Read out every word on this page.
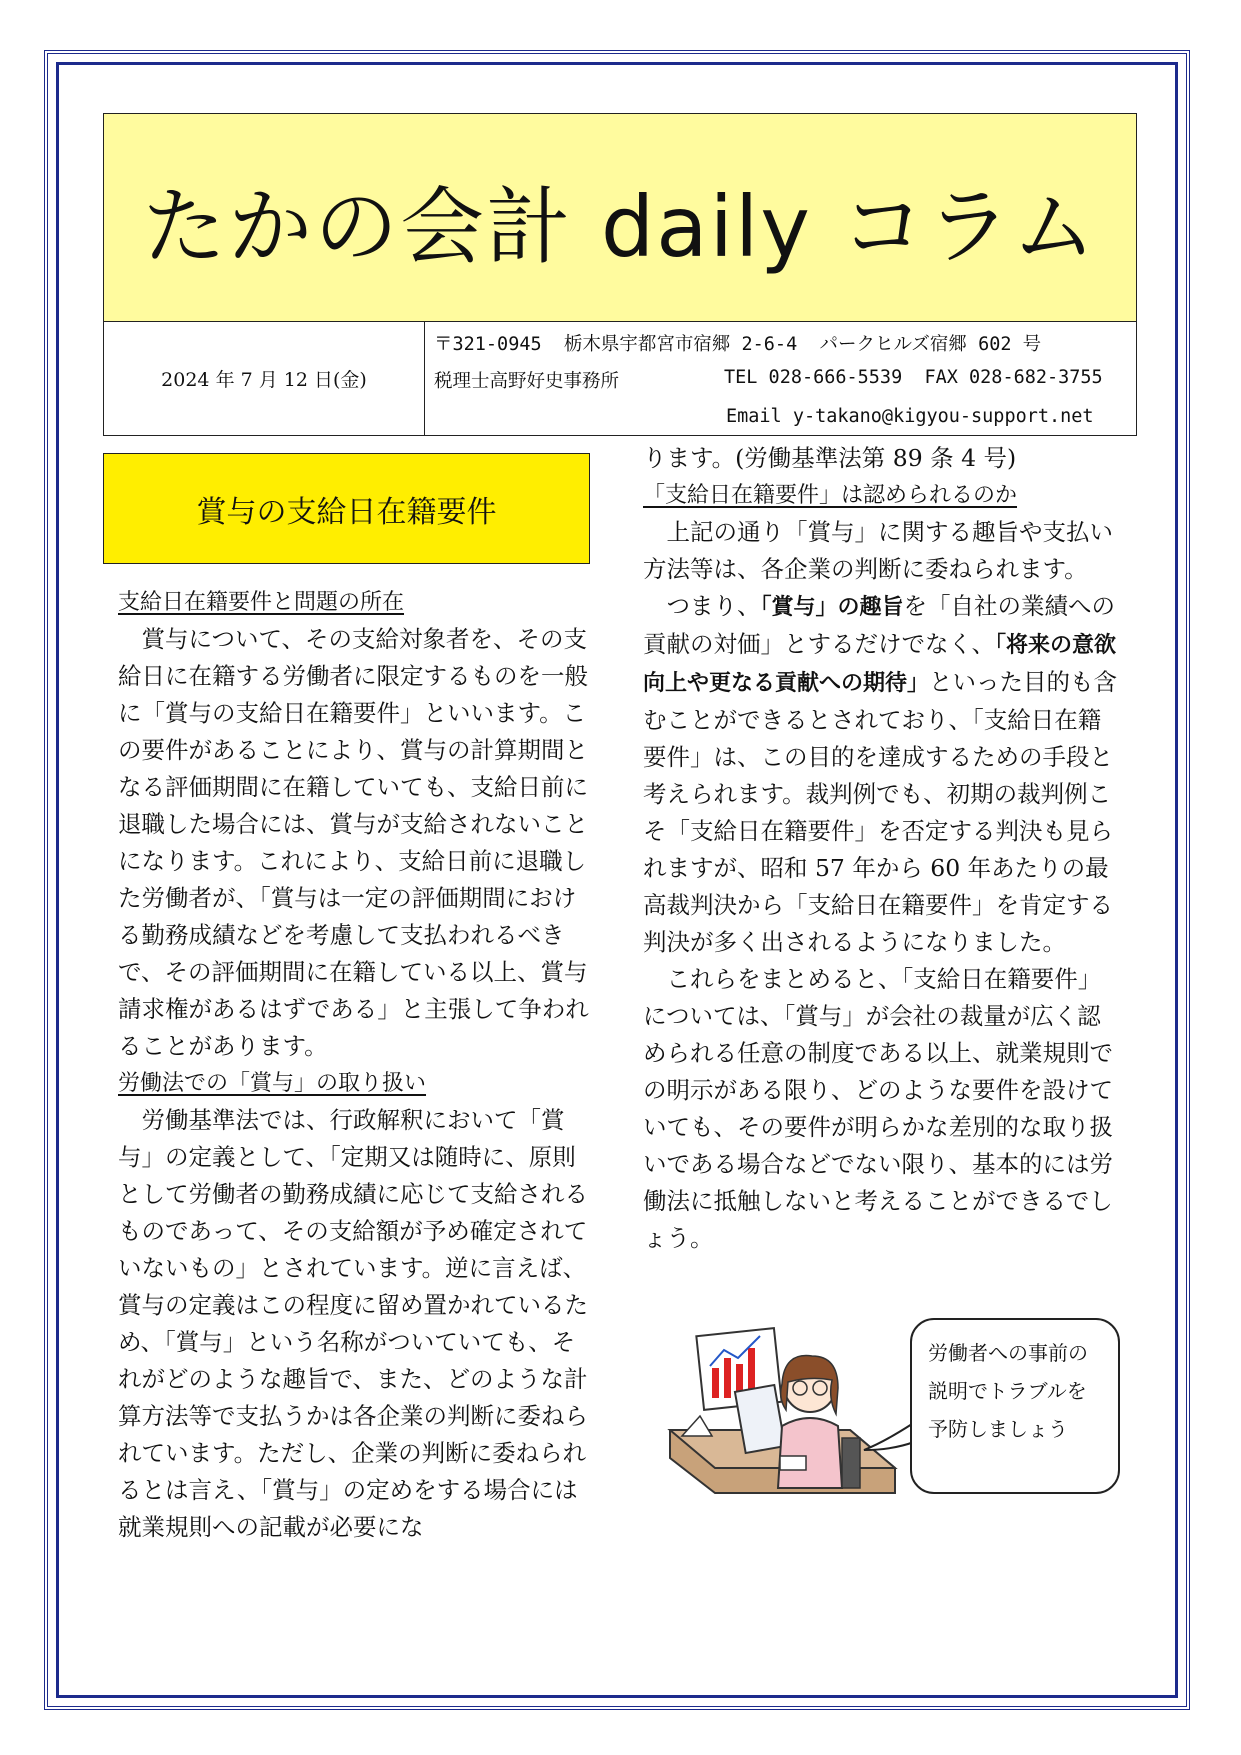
たかの会計 daily コラム
2024 年 7 月 12 日(金)
〒321-0945  栃木県宇都宮市宿郷 2-6-4  パークヒルズ宿郷 602 号
税理士高野好史事務所	TEL 028-666-5539  FAX 028-682-3755
Email y-takano@kigyou-support.net
賞与の支給日在籍要件

支給日在籍要件と問題の所在

　賞与について、その支給対象者を、その支給日に在籍する労働者に限定するものを一般に「賞与の支給日在籍要件」といいます。この要件があることにより、賞与の計算期間となる評価期間に在籍していても、支給日前に退職した場合には、賞与が支給されないことになります。これにより、支給日前に退職した労働者が、「賞与は一定の評価期間における勤務成績などを考慮して支払われるべきで、その評価期間に在籍している以上、賞与請求権があるはずである」と主張して争われることがあります。

労働法での「賞与」の取り扱い

　労働基準法では、行政解釈において「賞与」の定義として、「定期又は随時に、原則として労働者の勤務成績に応じて支給されるものであって、その支給額が予め確定されていないもの」とされています。逆に言えば、賞与の定義はこの程度に留め置かれているため、「賞与」という名称がついていても、それがどのような趣旨で、また、どのような計算方法等で支払うかは各企業の判断に委ねられています。ただし、企業の判断に委ねられるとは言え、「賞与」の定めをする場合には就業規則への記載が必要にな

ります。(労働基準法第 89 条 4 号)

「支給日在籍要件」は認められるのか

　上記の通り「賞与」に関する趣旨や支払い方法等は、各企業の判断に委ねられます。

　つまり、「賞与」の趣旨を「自社の業績への貢献の対価」とするだけでなく、「将来の意欲向上や更なる貢献への期待」といった目的も含むことができるとされており、「支給日在籍要件」は、この目的を達成するための手段と考えられます。裁判例でも、初期の裁判例こそ「支給日在籍要件」を否定する判決も見られますが、昭和 57 年から 60 年あたりの最高裁判決から「支給日在籍要件」を肯定する判決が多く出されるようになりました。

　これらをまとめると、「支給日在籍要件」については、「賞与」が会社の裁量が広く認められる任意の制度である以上、就業規則での明示がある限り、どのような要件を設けていても、その要件が明らかな差別的な取り扱いである場合などでない限り、基本的には労働法に抵触しないと考えることができるでしょう。

労働者への事前の説明でトラブルを予防しましょう
